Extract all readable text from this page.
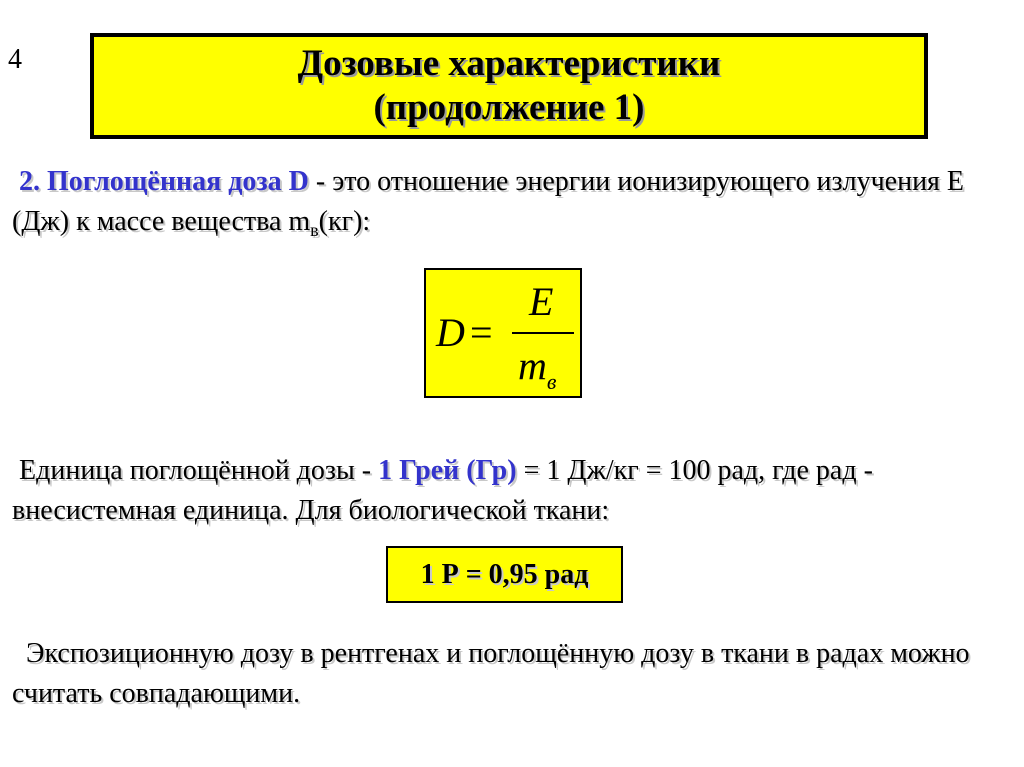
4	Дозовые характеристики
(продолжение 1)
2. Поглощённая доза D - это отношение энергии ионизирующего излучения Е (Дж) к массе вещества $m_в(кг)$:
D =
E
$m_в$
Единица поглощённой дозы - 1 Грей (Гр) = 1 Дж/кг = 100 рад, где рад - внесистемная единица. Для биологической ткани:
1 Р = 0,95 рад
Экспозиционную дозу в рентгенах и поглощённую дозу в ткани в радах можно считать совпадающими.
